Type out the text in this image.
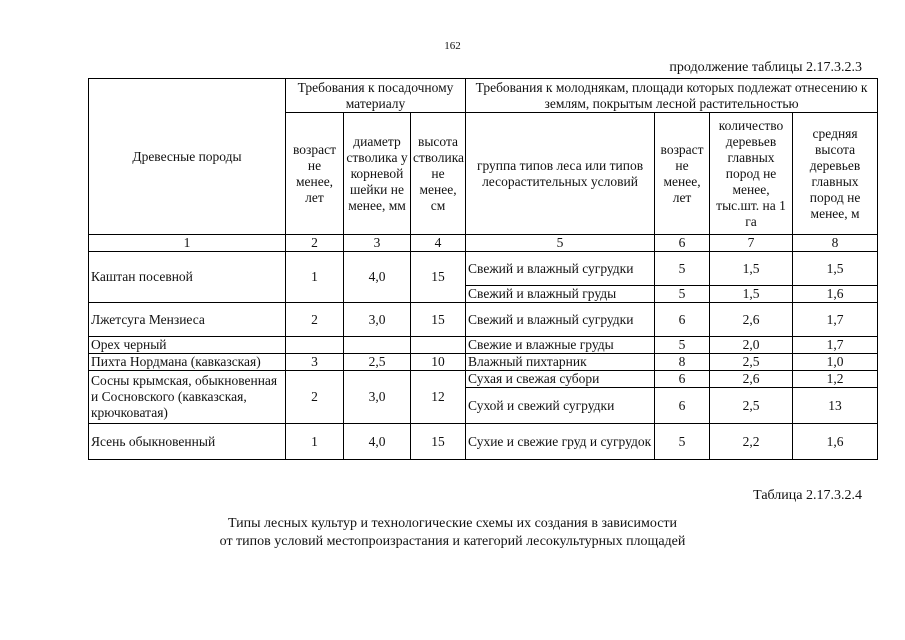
162
продолжение таблицы 2.17.3.2.3
Древесные породы	Требования к посадочному материалу			Требования к молоднякам, площади которых подлежат отнесению к землям, покрытым лесной растительностью			
	возраст не менее, лет	диаметр стволика у корневой шейки не менее, мм	высота стволика не менее, см	группа типов леса или типов лесорастительных условий	возраст не менее, лет	количество деревьев главных пород не менее, тыс.шт. на 1 га	средняя высота деревьев главных пород не менее, м
1	2	3	4	5	6	7	8
Каштан посевной	1	4,0	15	Свежий и влажный сугрудки	5	1,5	1,5
				Свежий и влажный груды	5	1,5	1,6
Лжетсуга Мензиеса	2	3,0	15	Свежий и влажный сугрудки	6	2,6	1,7
Орех черный				Свежие и влажные груды	5	2,0	1,7
Пихта Нордмана (кавказская)	3	2,5	10	Влажный пихтарник	8	2,5	1,0
Сосны крымская, обыкновенная и Сосновского (кавказская, крючковатая)	2	3,0	12	Сухая и свежая субори	6	2,6	1,2
				Сухой и свежий сугрудки	6	2,5	13
Ясень обыкновенный	1	4,0	15	Сухие и свежие груд и сугрудок	5	2,2	1,6
Таблица 2.17.3.2.4
Типы лесных культур и технологические схемы их создания в зависимости
от типов условий местопроизрастания и категорий лесокультурных площадей
